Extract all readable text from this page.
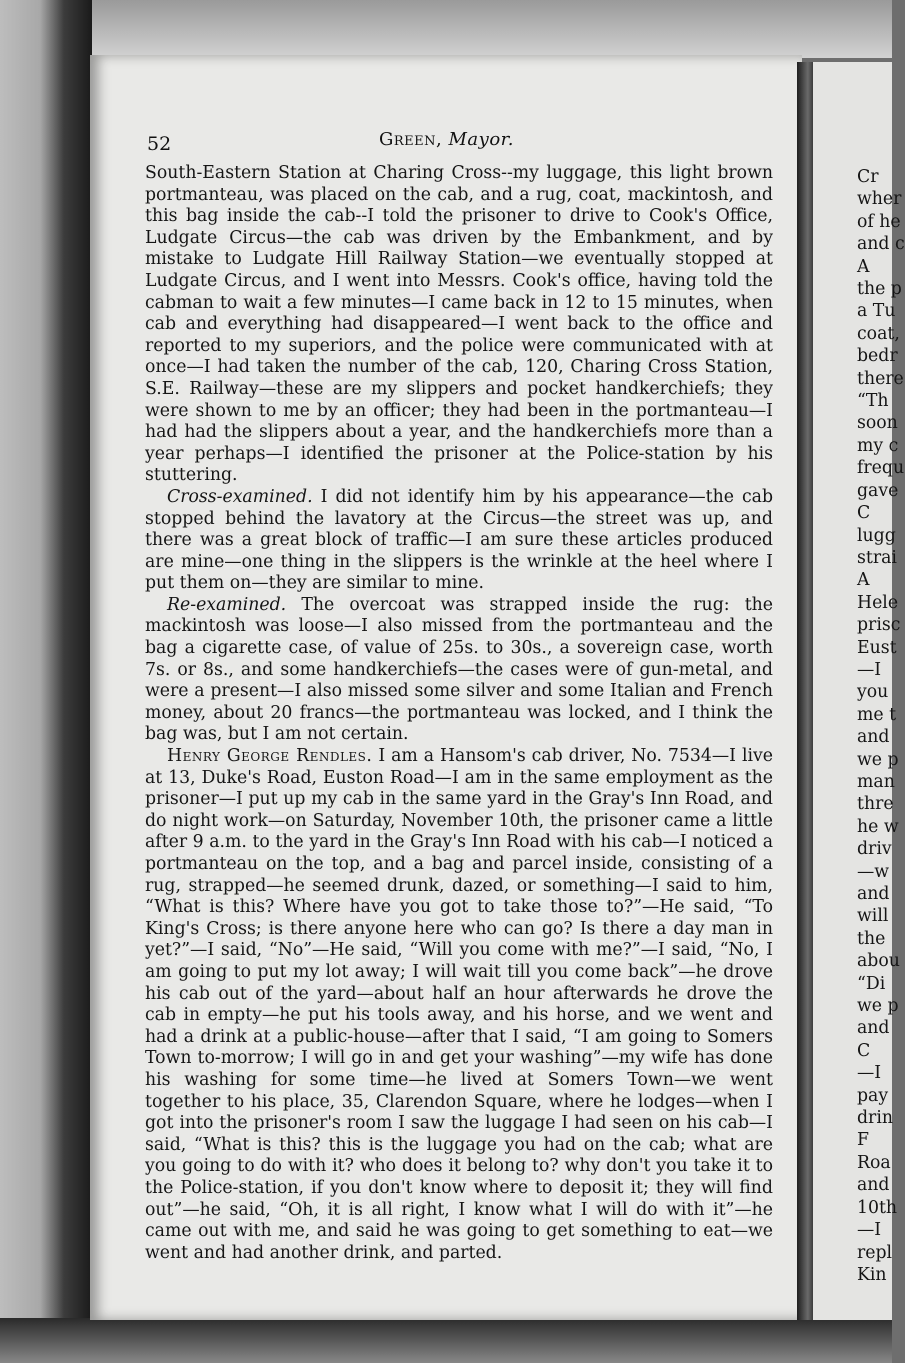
Cr
wher
of he
and c
A
the p
a Tu
coat,
bedr
there
“Th
soon
my c
frequ
gave
C
lugg
strai
A
Hele
prisc
Eust
—I
you
me t
and
we p
man
thre
he w
driv
—w
and
will
the
abou
“Di
we p
and
C
—I
pay
drin
F
Roa
and
10th
—I
repl
Kin
52	Green, Mayor.

South-Eastern Station at Charing Cross--my luggage, this light brown portmanteau, was placed on the cab, and a rug, coat, mackintosh, and this bag inside the cab--I told the prisoner to drive to Cook's Office, Ludgate Circus—the cab was driven by the Embankment, and by mistake to Ludgate Hill Railway Station—we eventually stopped at Ludgate Circus, and I went into Messrs. Cook's office, having told the cabman to wait a few minutes—I came back in 12 to 15 minutes, when cab and everything had disappeared—I went back to the office and reported to my superiors, and the police were communicated with at once—I had taken the number of the cab, 120, Charing Cross Station, S.E. Railway—these are my slippers and pocket handkerchiefs; they were shown to me by an officer; they had been in the portmanteau—I had had the slippers about a year, and the handkerchiefs more than a year perhaps—I identified the prisoner at the Police-station by his stuttering.

Cross-examined. I did not identify him by his appearance—the cab stopped behind the lavatory at the Circus—the street was up, and there was a great block of traffic—I am sure these articles produced are mine—one thing in the slippers is the wrinkle at the heel where I put them on—they are similar to mine.

Re-examined. The overcoat was strapped inside the rug: the mackintosh was loose—I also missed from the portmanteau and the bag a cigarette case, of value of 25s. to 30s., a sovereign case, worth 7s. or 8s., and some handkerchiefs—the cases were of gun-metal, and were a present—I also missed some silver and some Italian and French money, about 20 francs—the portmanteau was locked, and I think the bag was, but I am not certain.

Henry George Rendles. I am a Hansom's cab driver, No. 7534—I live at 13, Duke's Road, Euston Road—I am in the same employment as the prisoner—I put up my cab in the same yard in the Gray's Inn Road, and do night work—on Saturday, November 10th, the prisoner came a little after 9 a.m. to the yard in the Gray's Inn Road with his cab—I noticed a portmanteau on the top, and a bag and parcel inside, consisting of a rug, strapped—he seemed drunk, dazed, or something—I said to him, “What is this? Where have you got to take those to?”—He said, “To King's Cross; is there anyone here who can go? Is there a day man in yet?”—I said, “No”—He said, “Will you come with me?”—I said, “No, I am going to put my lot away; I will wait till you come back”—he drove his cab out of the yard—about half an hour afterwards he drove the cab in empty—he put his tools away, and his horse, and we went and had a drink at a public-house—after that I said, “I am going to Somers Town to-morrow; I will go in and get your washing”—my wife has done his washing for some time—he lived at Somers Town—we went together to his place, 35, Clarendon Square, where he lodges—when I got into the prisoner's room I saw the luggage I had seen on his cab—I said, “What is this? this is the luggage you had on the cab; what are you going to do with it? who does it belong to? why don't you take it to the Police-station, if you don't know where to deposit it; they will find out”—he said, “Oh, it is all right, I know what I will do with it”—he came out with me, and said he was going to get something to eat—we went and had another drink, and parted.
